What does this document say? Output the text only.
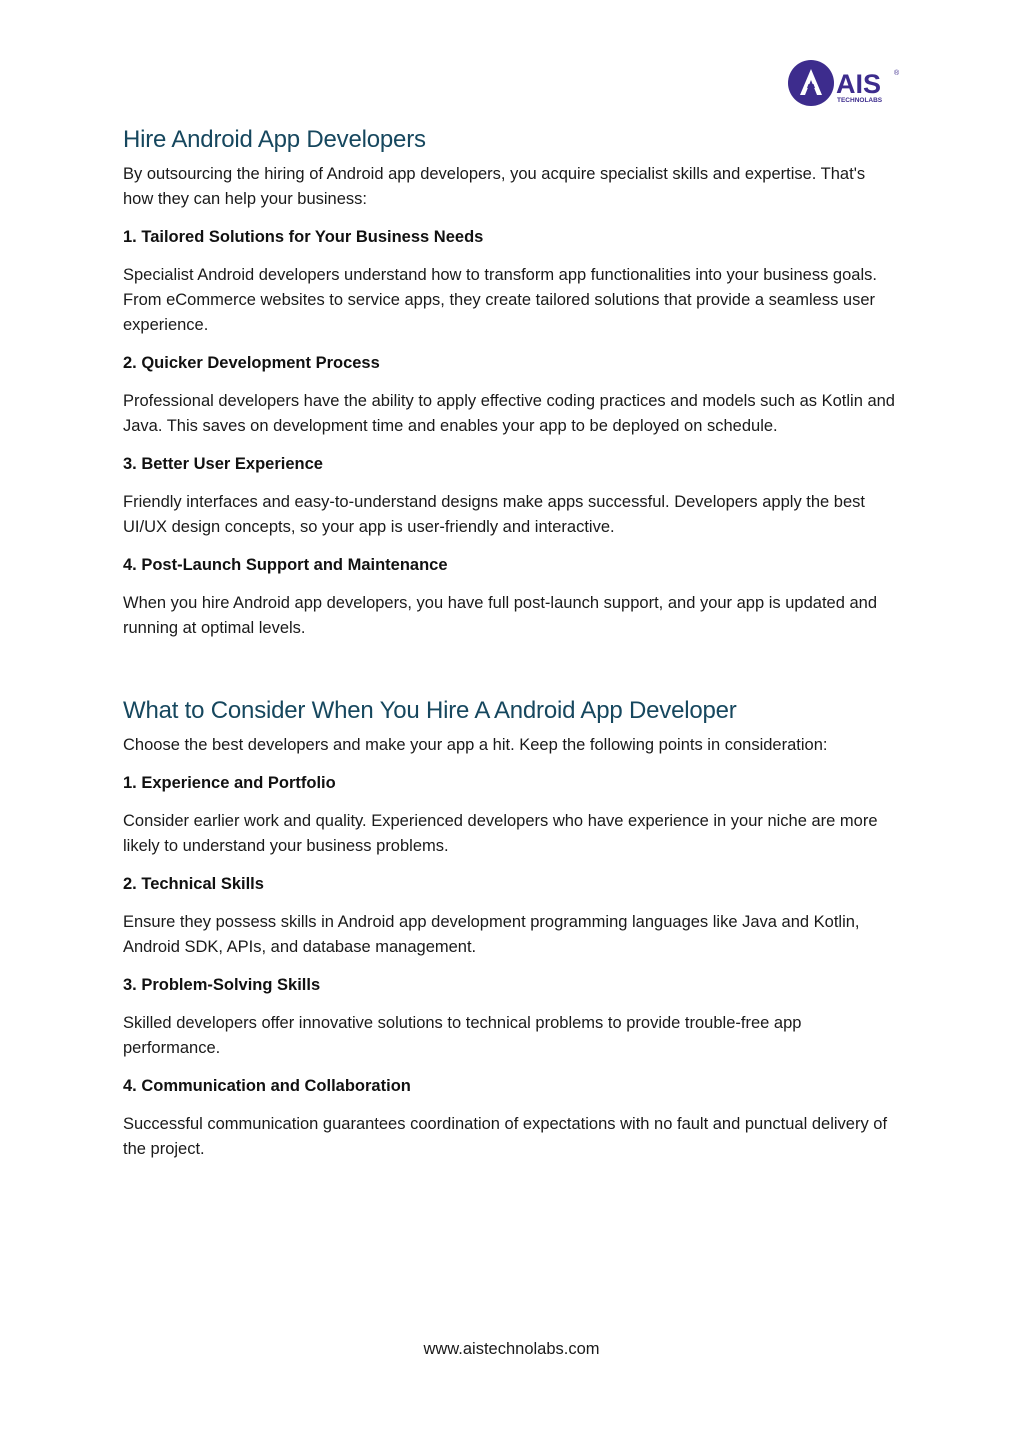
AIS ®
TECHNOLABS
Hire Android App Developers

By outsourcing the hiring of Android app developers, you acquire specialist skills and expertise. That's how they can help your business:

1. Tailored Solutions for Your Business Needs

Specialist Android developers understand how to transform app functionalities into your business goals. From eCommerce websites to service apps, they create tailored solutions that provide a seamless user experience.

2. Quicker Development Process

Professional developers have the ability to apply effective coding practices and models such as Kotlin and Java. This saves on development time and enables your app to be deployed on schedule.

3. Better User Experience

Friendly interfaces and easy-to-understand designs make apps successful. Developers apply the best UI/UX design concepts, so your app is user-friendly and interactive.

4. Post-Launch Support and Maintenance

When you hire Android app developers, you have full post-launch support, and your app is updated and running at optimal levels.

What to Consider When You Hire A Android App Developer

Choose the best developers and make your app a hit. Keep the following points in consideration:

1. Experience and Portfolio

Consider earlier work and quality. Experienced developers who have experience in your niche are more likely to understand your business problems.

2. Technical Skills

Ensure they possess skills in Android app development programming languages like Java and Kotlin, Android SDK, APIs, and database management.

3. Problem-Solving Skills

Skilled developers offer innovative solutions to technical problems to provide trouble-free app performance.

4. Communication and Collaboration

Successful communication guarantees coordination of expectations with no fault and punctual delivery of the project.

www.aistechnolabs.com
